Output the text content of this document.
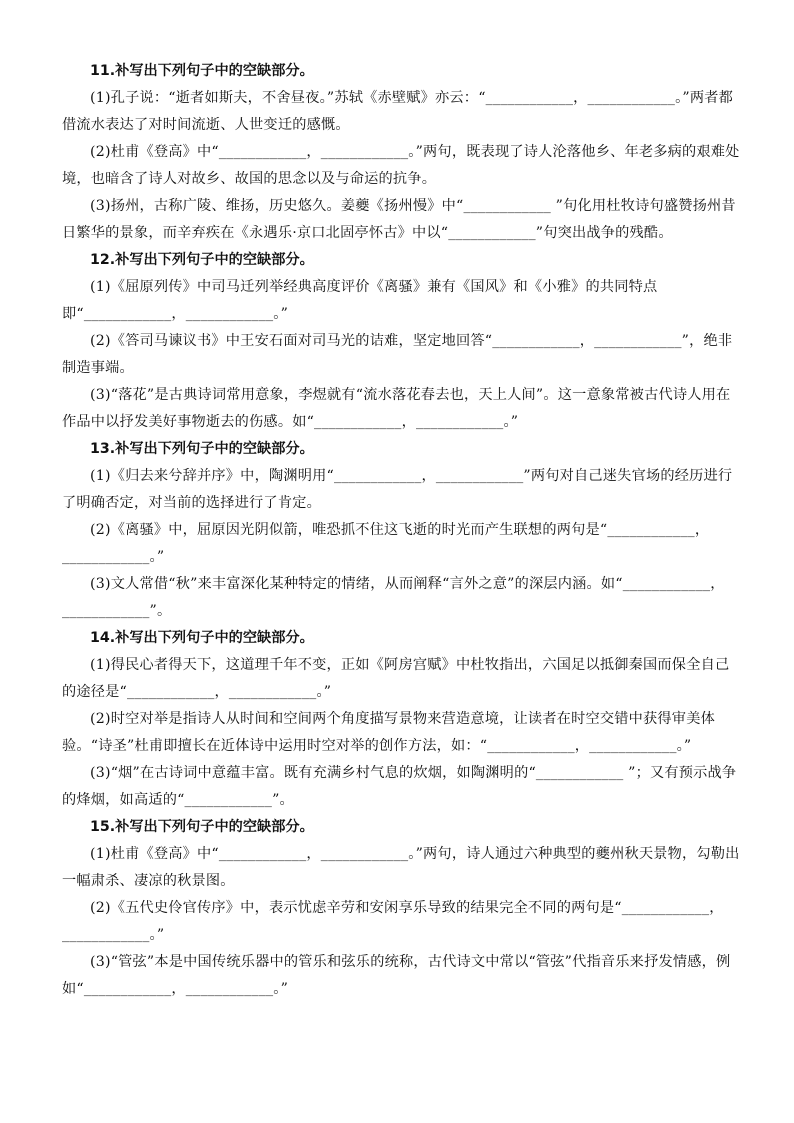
11.补写出下列句子中的空缺部分。

(1)孔子说：“逝者如斯夫，不舍昼夜。”苏轼《赤壁赋》亦云：“____________，____________。”两者都借流水表达了对时间流逝、人世变迁的感慨。

(2)杜甫《登高》中“____________，____________。”两句，既表现了诗人沦落他乡、年老多病的艰难处境，也暗含了诗人对故乡、故国的思念以及与命运的抗争。

(3)扬州，古称广陵、维扬，历史悠久。姜夔《扬州慢》中“____________ ”句化用杜牧诗句盛赞扬州昔日繁华的景象，而辛弃疾在《永遇乐·京口北固亭怀古》中以“____________”句突出战争的残酷。

12.补写出下列句子中的空缺部分。

(1)《屈原列传》中司马迁列举经典高度评价《离骚》兼有《国风》和《小雅》的共同特点即“____________，____________。”

(2)《答司马谏议书》中王安石面对司马光的诘难，坚定地回答“____________，____________”，绝非制造事端。

(3)“落花”是古典诗词常用意象，李煜就有“流水落花春去也，天上人间”。这一意象常被古代诗人用在作品中以抒发美好事物逝去的伤感。如“____________，____________。”

13.补写出下列句子中的空缺部分。

(1)《归去来兮辞并序》中，陶渊明用“____________，____________”两句对自己迷失官场的经历进行了明确否定，对当前的选择进行了肯定。

(2)《离骚》中，屈原因光阴似箭，唯恐抓不住这飞逝的时光而产生联想的两句是“____________，____________。”

(3)文人常借“秋”来丰富深化某种特定的情绪，从而阐释“言外之意”的深层内涵。如“____________，____________”。

14.补写出下列句子中的空缺部分。

(1)得民心者得天下，这道理千年不变，正如《阿房宫赋》中杜牧指出，六国足以抵御秦国而保全自己的途径是“____________，____________。”

(2)时空对举是指诗人从时间和空间两个角度描写景物来营造意境，让读者在时空交错中获得审美体验。“诗圣”杜甫即擅长在近体诗中运用时空对举的创作方法，如：“____________，____________。”

(3)“烟”在古诗词中意蕴丰富。既有充满乡村气息的炊烟，如陶渊明的“____________ ”；又有预示战争的烽烟，如高适的“____________”。

15.补写出下列句子中的空缺部分。

(1)杜甫《登高》中“____________，____________。”两句，诗人通过六种典型的夔州秋天景物，勾勒出一幅肃杀、凄凉的秋景图。

(2)《五代史伶官传序》中，表示忧虑辛劳和安闲享乐导致的结果完全不同的两句是“____________，____________。”

(3)“管弦”本是中国传统乐器中的管乐和弦乐的统称，古代诗文中常以“管弦”代指音乐来抒发情感，例如“____________，____________。”
